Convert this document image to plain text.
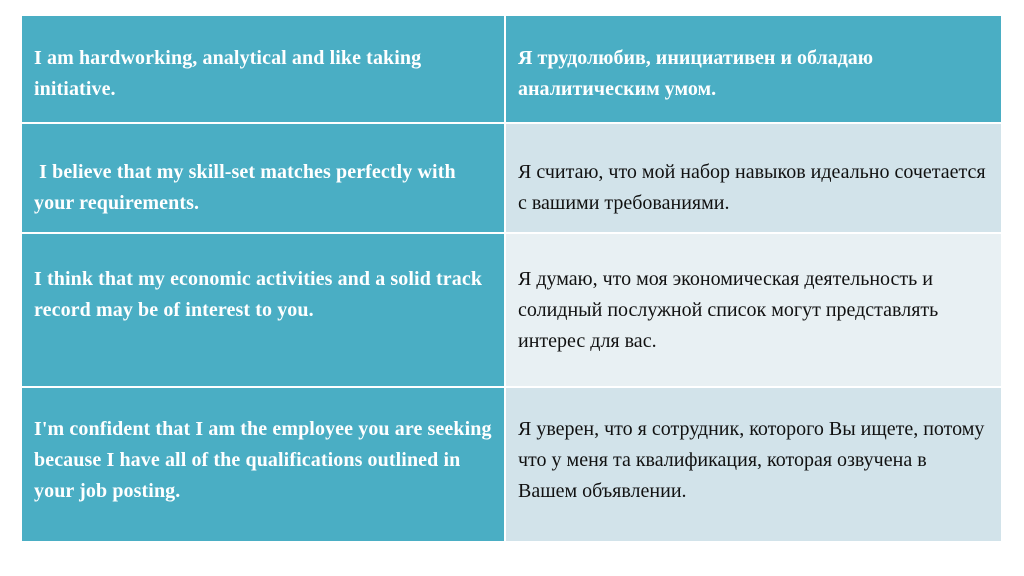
I am hardworking, analytical and like taking initiative.
Я трудолюбив, инициативен и обладаю аналитическим умом.
I believe that my skill-set matches perfectly with your requirements.
Я считаю, что мой набор навыков идеально сочетается с вашими требованиями.
I think that my economic activities and a solid track record may be of interest to you.
Я думаю, что моя экономическая деятельность и солидный послужной список могут представлять интерес для вас.
I'm confident that I am the employee you are seeking because I have all of the qualifications outlined in your job posting.
Я уверен, что я сотрудник, которого Вы ищете, потому что у меня та квалификация, которая озвучена в Вашем объявлении.
